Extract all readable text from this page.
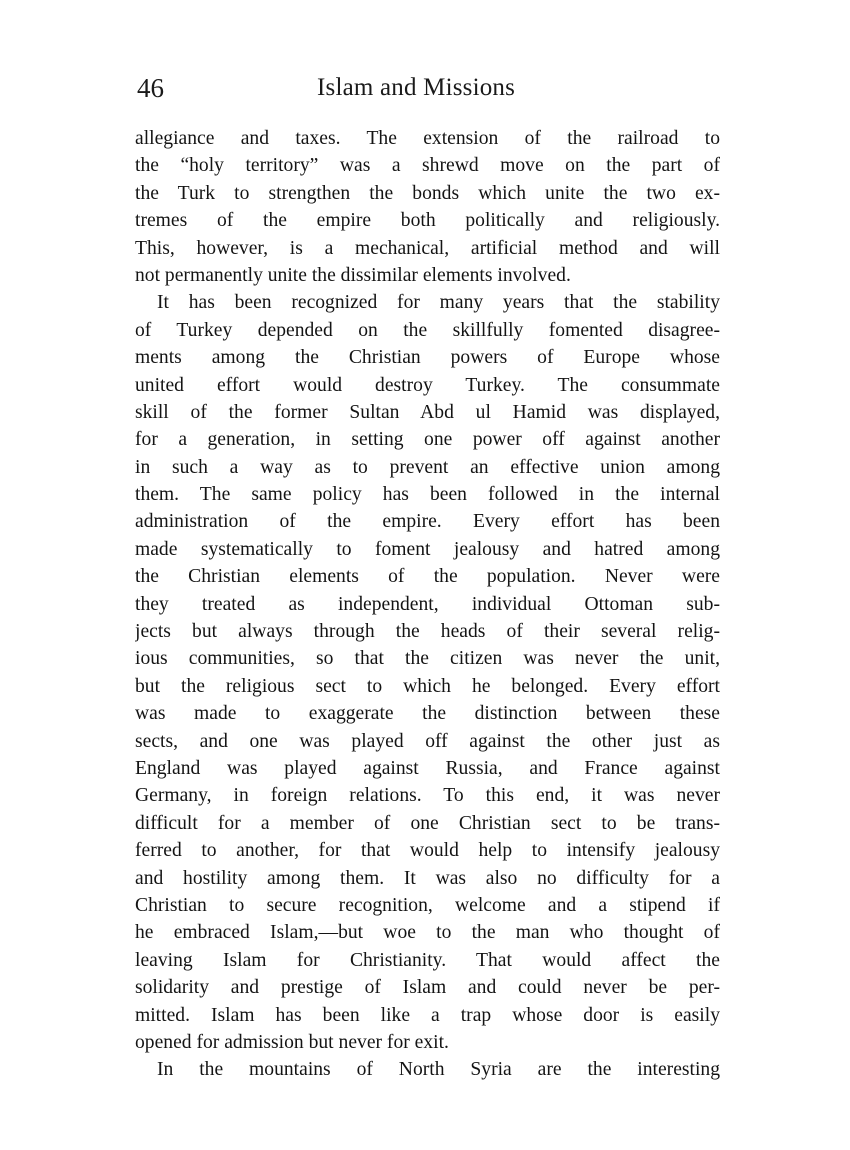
46	Islam and Missions
allegiance and taxes. The extension of the railroad to
the “holy territory” was a shrewd move on the part of
the Turk to strengthen the bonds which unite the two ex-
tremes of the empire both politically and religiously.
This, however, is a mechanical, artificial method and will
not permanently unite the dissimilar elements involved.
It has been recognized for many years that the stability
of Turkey depended on the skillfully fomented disagree-
ments among the Christian powers of Europe whose
united effort would destroy Turkey. The consummate
skill of the former Sultan Abd ul Hamid was displayed,
for a generation, in setting one power off against another
in such a way as to prevent an effective union among
them. The same policy has been followed in the internal
administration of the empire. Every effort has been
made systematically to foment jealousy and hatred among
the Christian elements of the population. Never were
they treated as independent, individual Ottoman sub-
jects but always through the heads of their several relig-
ious communities, so that the citizen was never the unit,
but the religious sect to which he belonged. Every effort
was made to exaggerate the distinction between these
sects, and one was played off against the other just as
England was played against Russia, and France against
Germany, in foreign relations. To this end, it was never
difficult for a member of one Christian sect to be trans-
ferred to another, for that would help to intensify jealousy
and hostility among them. It was also no difficulty for a
Christian to secure recognition, welcome and a stipend if
he embraced Islam,—but woe to the man who thought of
leaving Islam for Christianity. That would affect the
solidarity and prestige of Islam and could never be per-
mitted. Islam has been like a trap whose door is easily
opened for admission but never for exit.
In the mountains of North Syria are the interesting
